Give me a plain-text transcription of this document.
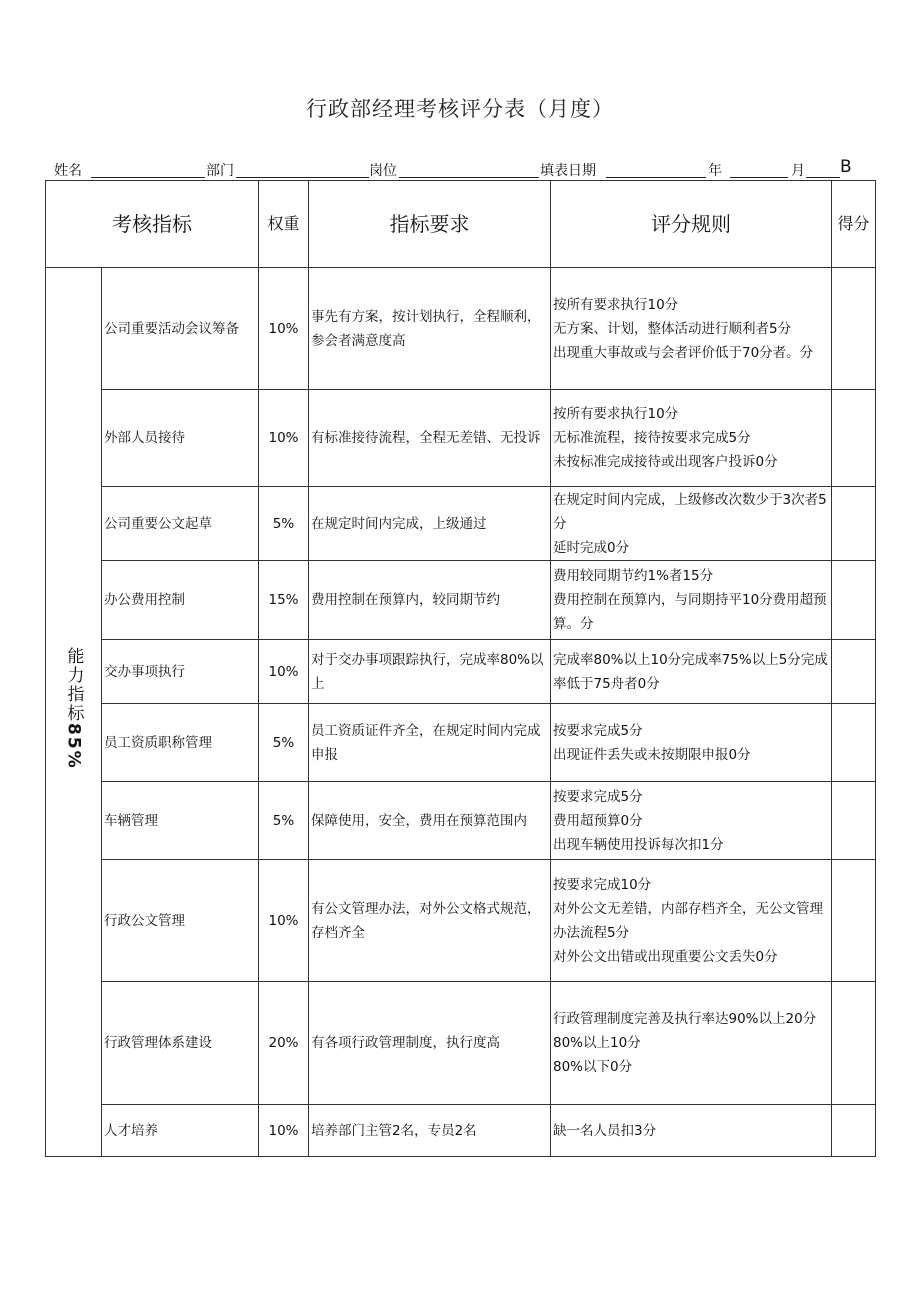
行政部经理考核评分表（月度）
姓名	部门	岗位	填表日期	年	月 B
考核指标		权重	指标要求	评分规则	得分
能力指标85%	公司重要活动会议筹备	10%	事先有方案，按计划执行，全程顺利，参会者满意度高	按所有要求执行10分
无方案、计划，整体活动进行顺利者5分
出现重大事故或与会者评价低于70分者。分	

	外部人员接待	10%	有标准接待流程，全程无差错、无投诉	按所有要求执行10分
无标准流程，接待按要求完成5分
未按标准完成接待或出现客户投诉0分	

	公司重要公文起草	5%	在规定时间内完成，上级通过	在规定时间内完成，上级修改次数少于3次者5分
延时完成0分	

	办公费用控制	15%	费用控制在预算内，较同期节约	费用较同期节约1%者15分
费用控制在预算内，与同期持平10分费用超预算。分	

	交办事项执行	10%	对于交办事项跟踪执行，完成率80%以上	完成率80%以上10分完成率75%以上5分完成率低于75舟者0分	

	员工资质职称管理	5%	员工资质证件齐全，在规定时间内完成申报	按要求完成5分
出现证件丢失或未按期限申报0分	

	车辆管理	5%	保障使用，安全，费用在预算范围内	按要求完成5分
费用超预算0分
出现车辆使用投诉每次扣1分	

	行政公文管理	10%	有公文管理办法，对外公文格式规范，存档齐全	按要求完成10分
对外公文无差错，内部存档齐全，无公文管理办法流程5分
对外公文出错或出现重要公文丢失0分	

	行政管理体系建设	20%	有各项行政管理制度，执行度高	行政管理制度完善及执行率达90%以上20分
80%以上10分
80%以下0分	

	人才培养	10%	培养部门主管2名，专员2名	缺一名人员扣3分	
